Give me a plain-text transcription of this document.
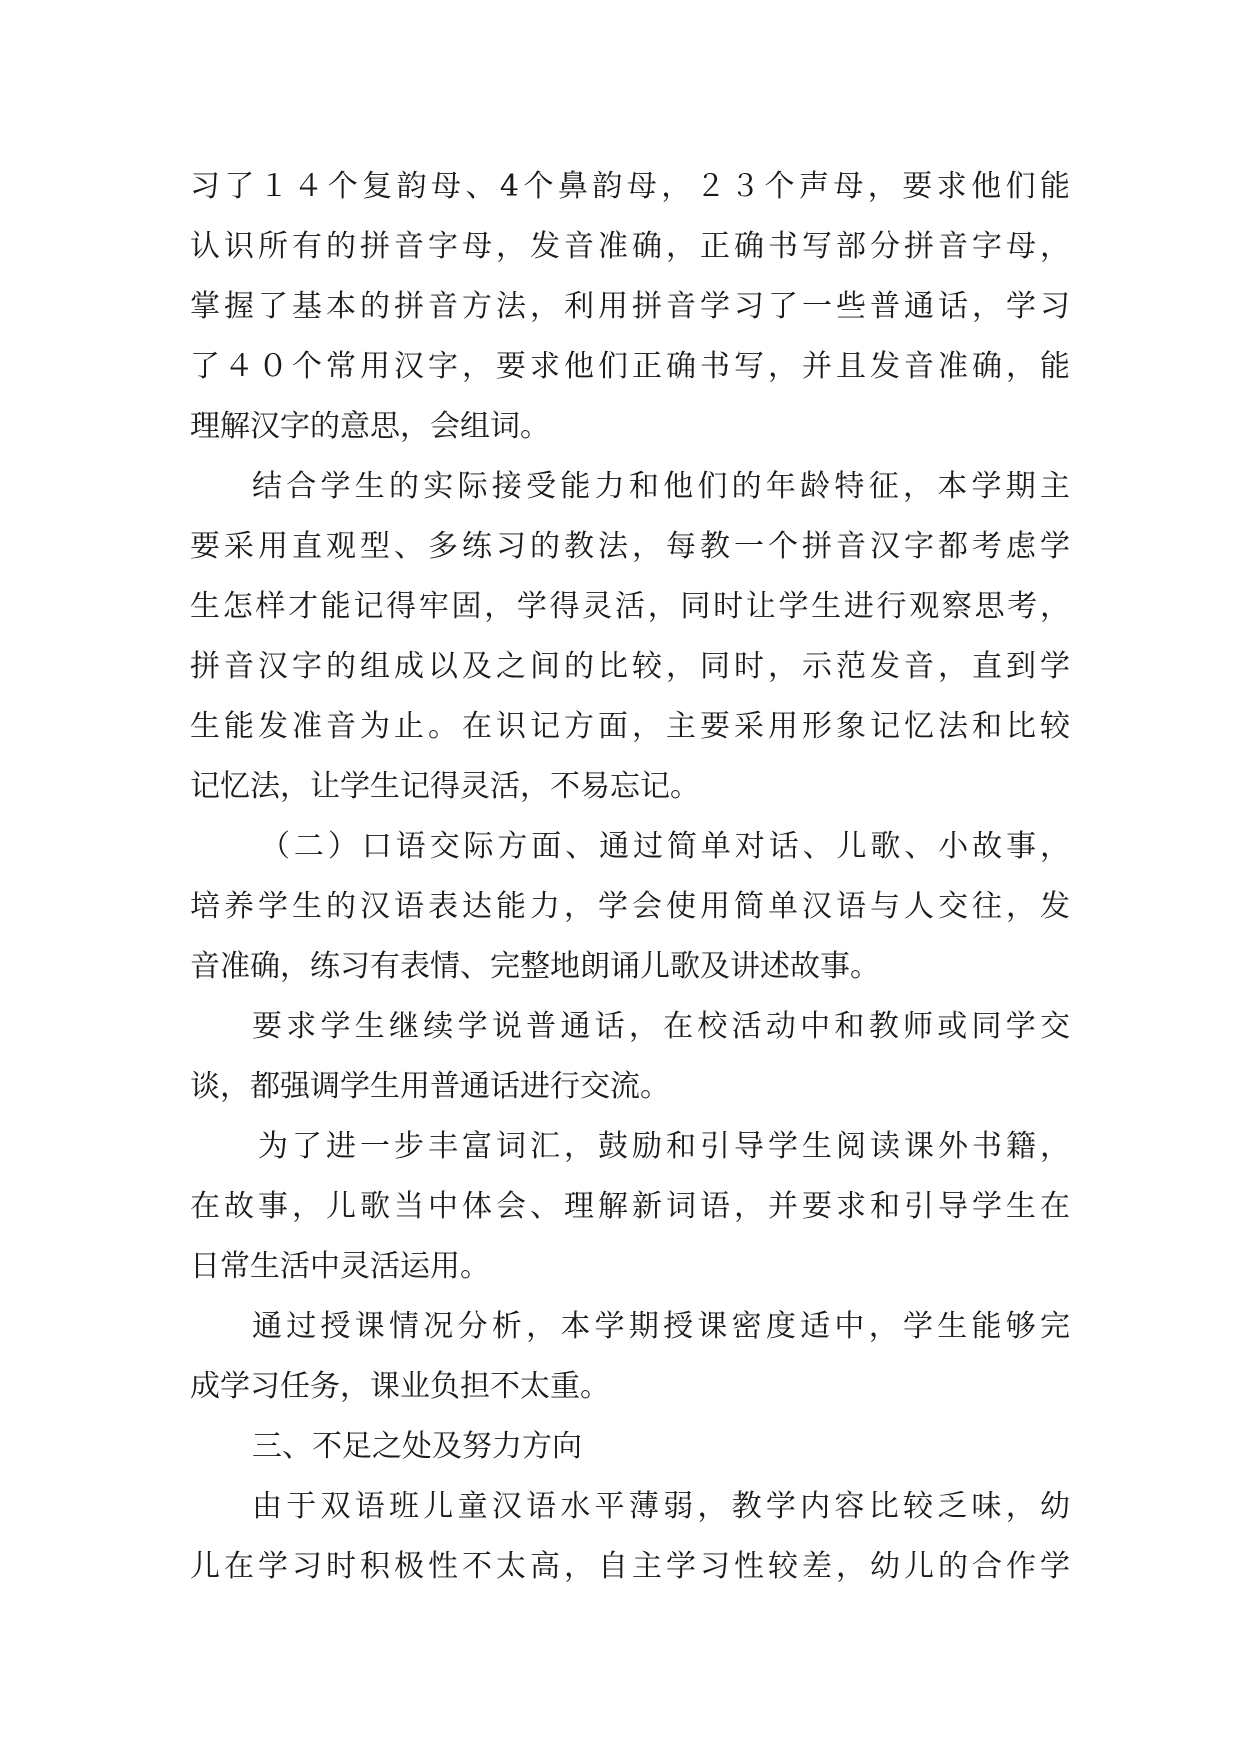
习了１４个复韵母、4个鼻韵母，２３个声母，要求他们能
认识所有的拼音字母，发音准确，正确书写部分拼音字母，
掌握了基本的拼音方法，利用拼音学习了一些普通话，学习
了４０个常用汉字，要求他们正确书写，并且发音准确，能
理解汉字的意思，会组词。
结合学生的实际接受能力和他们的年龄特征，本学期主
要采用直观型、多练习的教法，每教一个拼音汉字都考虑学
生怎样才能记得牢固，学得灵活，同时让学生进行观察思考，
拼音汉字的组成以及之间的比较，同时，示范发音，直到学
生能发准音为止。在识记方面，主要采用形象记忆法和比较
记忆法，让学生记得灵活，不易忘记。
（二）口语交际方面、通过简单对话、儿歌、小故事，
培养学生的汉语表达能力，学会使用简单汉语与人交往，发
音准确，练习有表情、完整地朗诵儿歌及讲述故事。
要求学生继续学说普通话，在校活动中和教师或同学交
谈，都强调学生用普通话进行交流。
为了进一步丰富词汇，鼓励和引导学生阅读课外书籍，
在故事，儿歌当中体会、理解新词语，并要求和引导学生在
日常生活中灵活运用。
通过授课情况分析，本学期授课密度适中，学生能够完
成学习任务，课业负担不太重。
三、不足之处及努力方向
由于双语班儿童汉语水平薄弱，教学内容比较乏味，幼
儿在学习时积极性不太高，自主学习性较差，幼儿的合作学
